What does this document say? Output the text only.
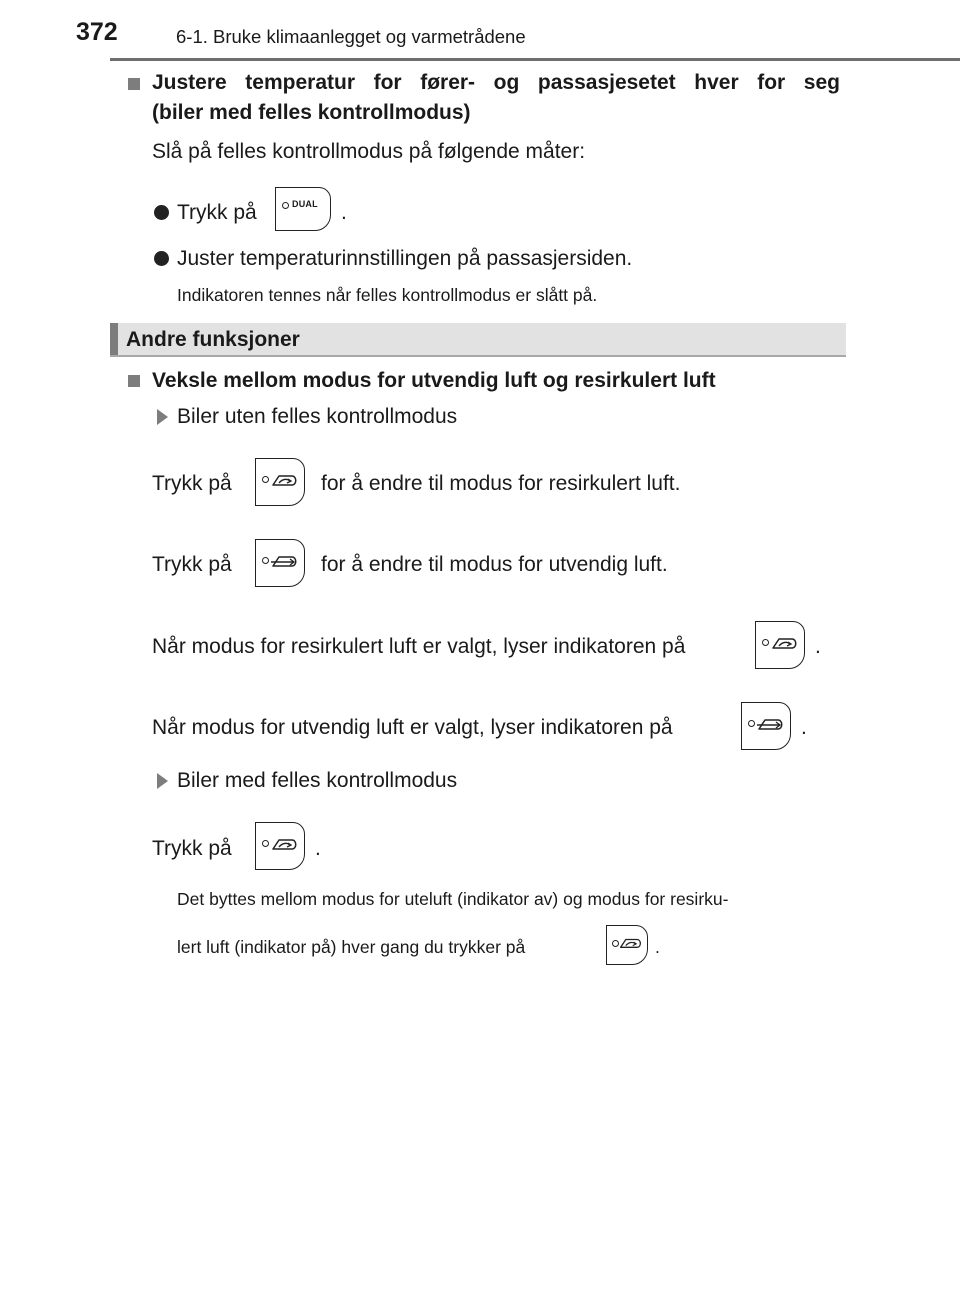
372	6-1. Bruke klimaanlegget og varmetrådene
Justere temperatur for fører- og passasjesetet hver for seg
(biler med felles kontrollmodus)
Slå på felles kontrollmodus på følgende måter:
Trykk på	DUAL .
Juster temperaturinnstillingen på passasjersiden.
Indikatoren tennes når felles kontrollmodus er slått på.
Andre funksjoner
Veksle mellom modus for utvendig luft og resirkulert luft
Biler uten felles kontrollmodus
Trykk på	for å endre til modus for resirkulert luft.
Trykk på	for å endre til modus for utvendig luft.
Når modus for resirkulert luft er valgt, lyser indikatoren på	.
Når modus for utvendig luft er valgt, lyser indikatoren på	.
Biler med felles kontrollmodus
Trykk på	.
Det byttes mellom modus for uteluft (indikator av) og modus for resirku-
lert luft (indikator på) hver gang du trykker på	.
